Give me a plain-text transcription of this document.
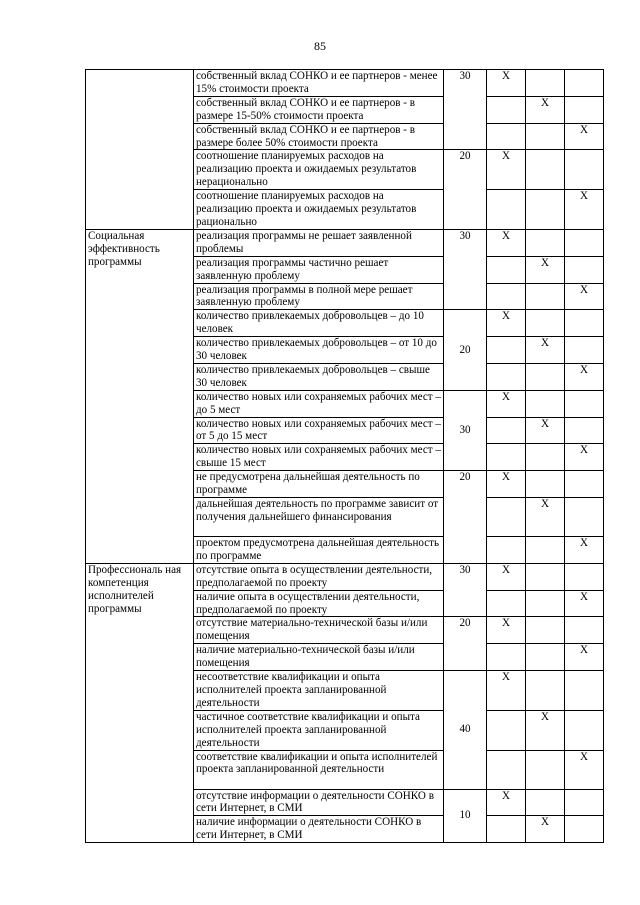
85
	собственный вклад СОНКО и ее партнеров - менее 15% стоимости проекта	30	Х		
	собственный вклад СОНКО и ее партнеров - в размере 15-50% стоимости проекта			Х	
	собственный вклад СОНКО и ее партнеров - в размере более 50% стоимости проекта				Х
	соотношение планируемых расходов на реализацию проекта и ожидаемых результатов нерационально	20	Х		
	соотношение планируемых расходов на реализацию проекта и ожидаемых результатов рационально				Х
Социальная эффективность программы	реализация программы не решает заявленной проблемы	30	Х		
	реализация программы частично решает заявленную проблему			Х	
	реализация программы в полной мере решает заявленную проблему				Х
	количество привлекаемых добровольцев – до 10 человек	20	Х		
	количество привлекаемых добровольцев – от 10 до 30 человек			Х	
	количество привлекаемых добровольцев – свыше 30 человек				Х
	количество новых или сохраняемых рабочих мест – до 5 мест	30	Х		
	количество новых или сохраняемых рабочих мест – от 5 до 15 мест			Х	
	количество новых или сохраняемых рабочих мест – свыше 15 мест				Х
	не предусмотрена дальнейшая деятельность по программе	20	Х		
	дальнейшая деятельность по программе зависит от получения дальнейшего финансирования			Х	
	проектом предусмотрена дальнейшая деятельность по программе				Х
Профессиональ ная компетенция исполнителей программы	отсутствие опыта в осуществлении деятельности, предполагаемой по проекту	30	Х		
	наличие опыта в осуществлении деятельности, предполагаемой по проекту				Х
	отсутствие материально-технической базы и/или помещения	20	Х		
	наличие материально-технической базы и/или помещения				Х
	несоответствие квалификации и опыта исполнителей проекта запланированной деятельности	40	Х		
	частичное соответствие квалификации и опыта исполнителей проекта запланированной деятельности			Х	
	соответствие квалификации и опыта исполнителей проекта запланированной деятельности				Х
	отсутствие информации о деятельности СОНКО в сети Интернет, в СМИ	10	Х		
	наличие информации о деятельности СОНКО в сети Интернет, в СМИ			Х	
